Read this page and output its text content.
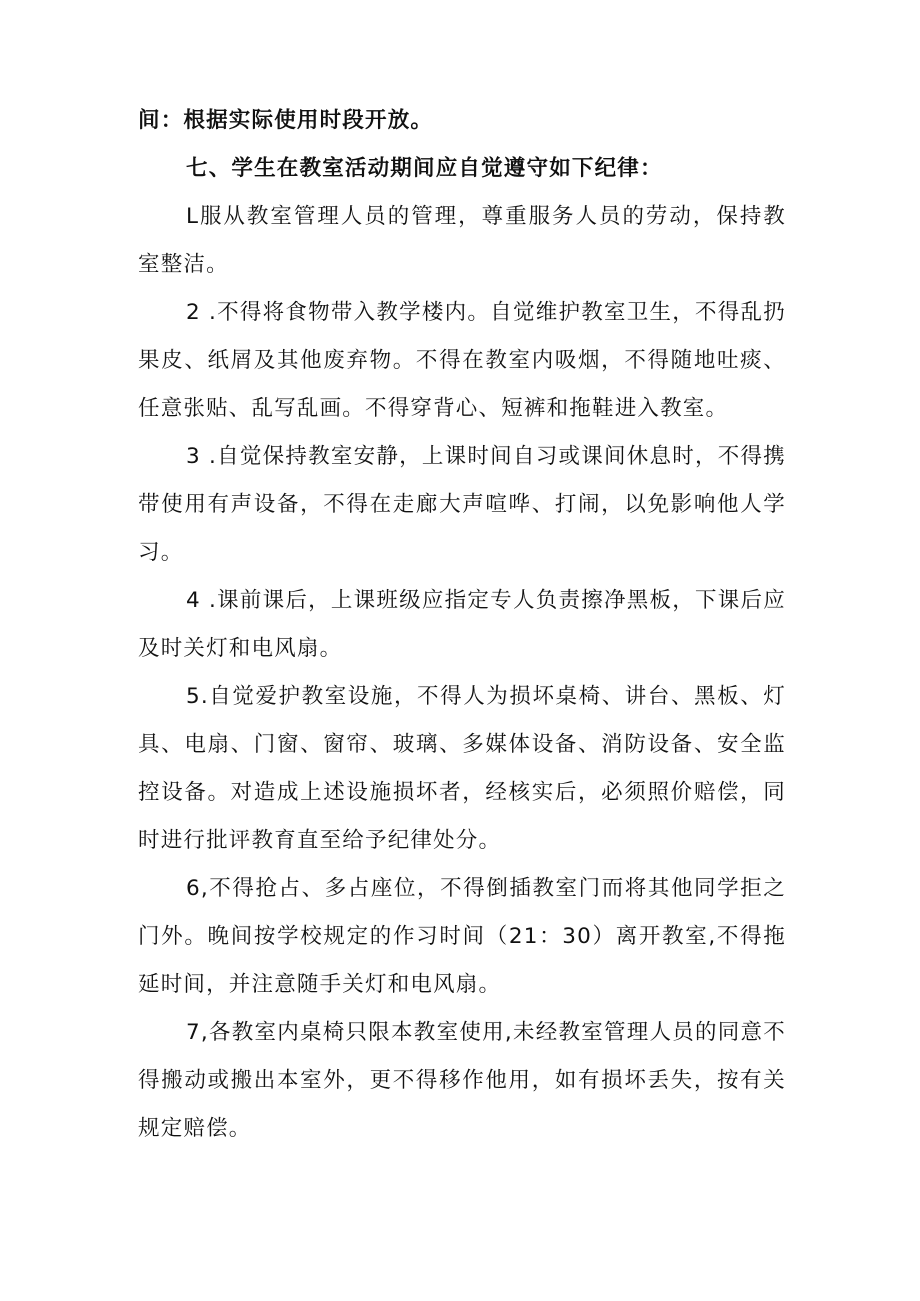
间：根据实际使用时段开放。

七、学生在教室活动期间应自觉遵守如下纪律：

L服从教室管理人员的管理，尊重服务人员的劳动，保持教室整洁。

2 .不得将食物带入教学楼内。自觉维护教室卫生，不得乱扔果皮、纸屑及其他废弃物。不得在教室内吸烟，不得随地吐痰、任意张贴、乱写乱画。不得穿背心、短裤和拖鞋进入教室。

3 .自觉保持教室安静，上课时间自习或课间休息时，不得携带使用有声设备，不得在走廊大声喧哗、打闹，以免影响他人学习。

4 .课前课后，上课班级应指定专人负责擦净黑板，下课后应及时关灯和电风扇。

5.自觉爱护教室设施，不得人为损坏桌椅、讲台、黑板、灯具、电扇、门窗、窗帘、玻璃、多媒体设备、消防设备、安全监控设备。对造成上述设施损坏者，经核实后，必须照价赔偿，同时进行批评教育直至给予纪律处分。

6,不得抢占、多占座位，不得倒插教室门而将其他同学拒之门外。晚间按学校规定的作习时间（21：30）离开教室,不得拖延时间，并注意随手关灯和电风扇。

7,各教室内桌椅只限本教室使用,未经教室管理人员的同意不得搬动或搬出本室外，更不得移作他用，如有损坏丢失，按有关规定赔偿。
